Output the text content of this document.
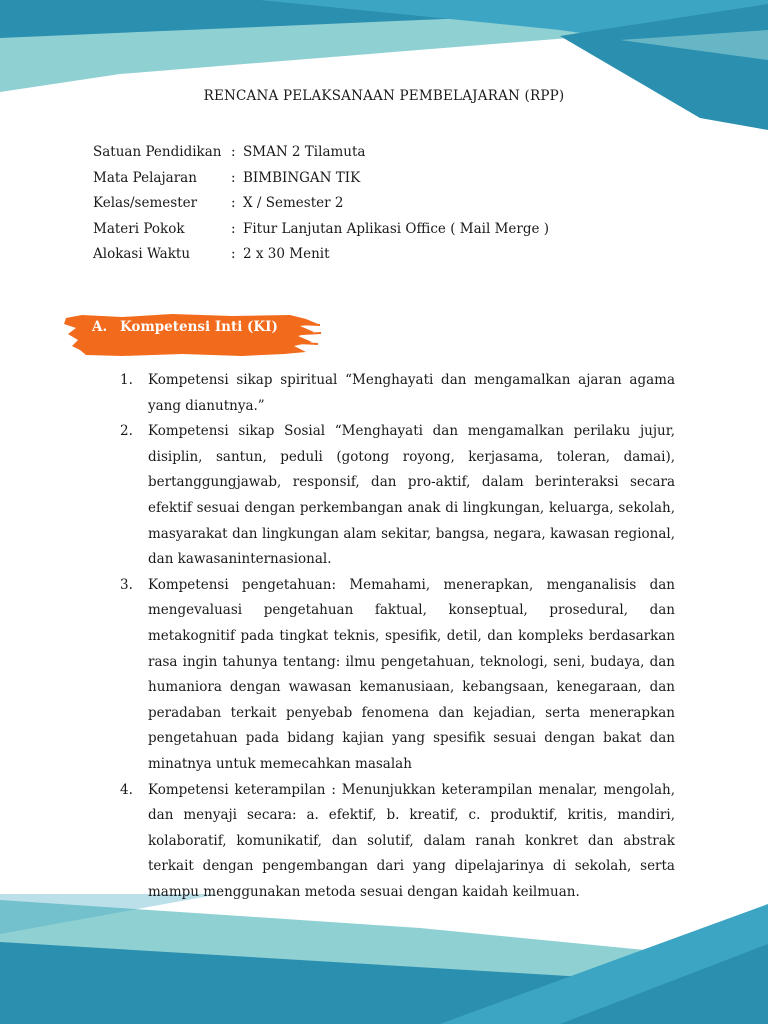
RENCANA PELAKSANAAN PEMBELAJARAN (RPP)
Satuan Pendidikan : SMAN 2 Tilamuta
Mata Pelajaran	: BIMBINGAN TIK
Kelas/semester	: X / Semester 2
Materi Pokok	: Fitur Lanjutan Aplikasi Office ( Mail Merge )
Alokasi Waktu	: 2 x 30 Menit
A. Kompetensi Inti (KI)
1. Kompetensi sikap spiritual “Menghayati dan mengamalkan ajaran agama yang dianutnya.”
2. Kompetensi sikap Sosial “Menghayati dan mengamalkan perilaku jujur, disiplin, santun, peduli (gotong royong, kerjasama, toleran, damai), bertanggungjawab, responsif, dan pro-aktif, dalam berinteraksi secara efektif sesuai dengan perkembangan anak di lingkungan, keluarga, sekolah, masyarakat dan lingkungan alam sekitar, bangsa, negara, kawasan regional, dan kawasaninternasional.
3. Kompetensi pengetahuan: Memahami, menerapkan, menganalisis dan mengevaluasi pengetahuan faktual, konseptual, prosedural, dan metakognitif pada tingkat teknis, spesifik, detil, dan kompleks berdasarkan rasa ingin tahunya tentang: ilmu pengetahuan, teknologi, seni, budaya, dan humaniora dengan wawasan kemanusiaan, kebangsaan, kenegaraan, dan peradaban terkait penyebab fenomena dan kejadian, serta menerapkan pengetahuan pada bidang kajian yang spesifik sesuai dengan bakat dan minatnya untuk memecahkan masalah
4. Kompetensi keterampilan : Menunjukkan keterampilan menalar, mengolah, dan menyaji secara: a. efektif, b. kreatif, c. produktif, kritis, mandiri, kolaboratif, komunikatif, dan solutif, dalam ranah konkret dan abstrak terkait dengan pengembangan dari yang dipelajarinya di sekolah, serta mampu menggunakan metoda sesuai dengan kaidah keilmuan.
